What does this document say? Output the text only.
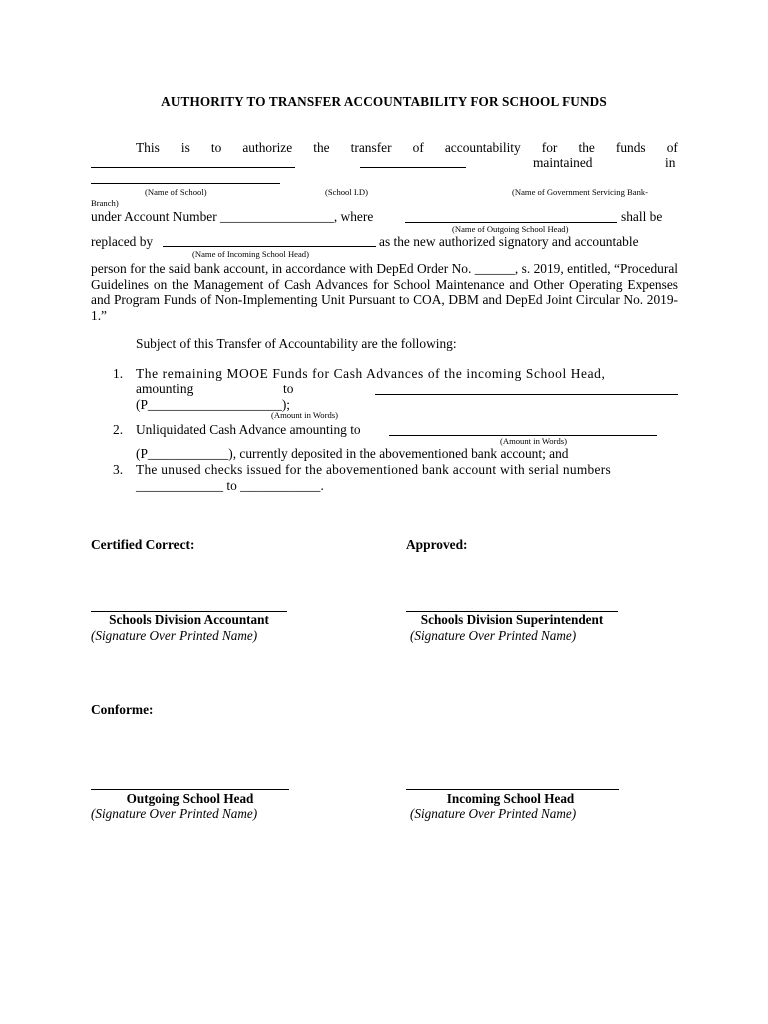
AUTHORITY TO TRANSFER ACCOUNTABILITY FOR SCHOOL FUNDS
This is to authorize the transfer of accountability for the funds of
maintained	in
(Name of School)	(School I.D)	(Name of Government Servicing Bank-
Branch)
under Account Number _________________, where	shall be
(Name of Outgoing School Head)
replaced by	as the new authorized signatory and accountable
(Name of Incoming School Head)
person for the said bank account, in accordance with DepEd Order No. ______, s. 2019, entitled, “Procedural Guidelines on the Management of Cash Advances for School Maintenance and Other Operating Expenses and Program Funds of Non-Implementing Unit Pursuant to COA, DBM and DepEd Joint Circular No. 2019-1.”
Subject of this Transfer of Accountability are the following:
1. The remaining MOOE Funds for Cash Advances of the incoming School Head,
amounting	to
(P____________________);
(Amount in Words)
2. Unliquidated Cash Advance amounting to
(Amount in Words)
(P____________), currently deposited in the abovementioned bank account; and
3. The unused checks issued for the abovementioned bank account with serial numbers
_____________ to ____________.
Certified Correct:	Approved:
Schools Division Accountant	Schools Division Superintendent
(Signature Over Printed Name)	(Signature Over Printed Name)
Conforme:
Outgoing School Head	Incoming School Head
(Signature Over Printed Name)	(Signature Over Printed Name)
